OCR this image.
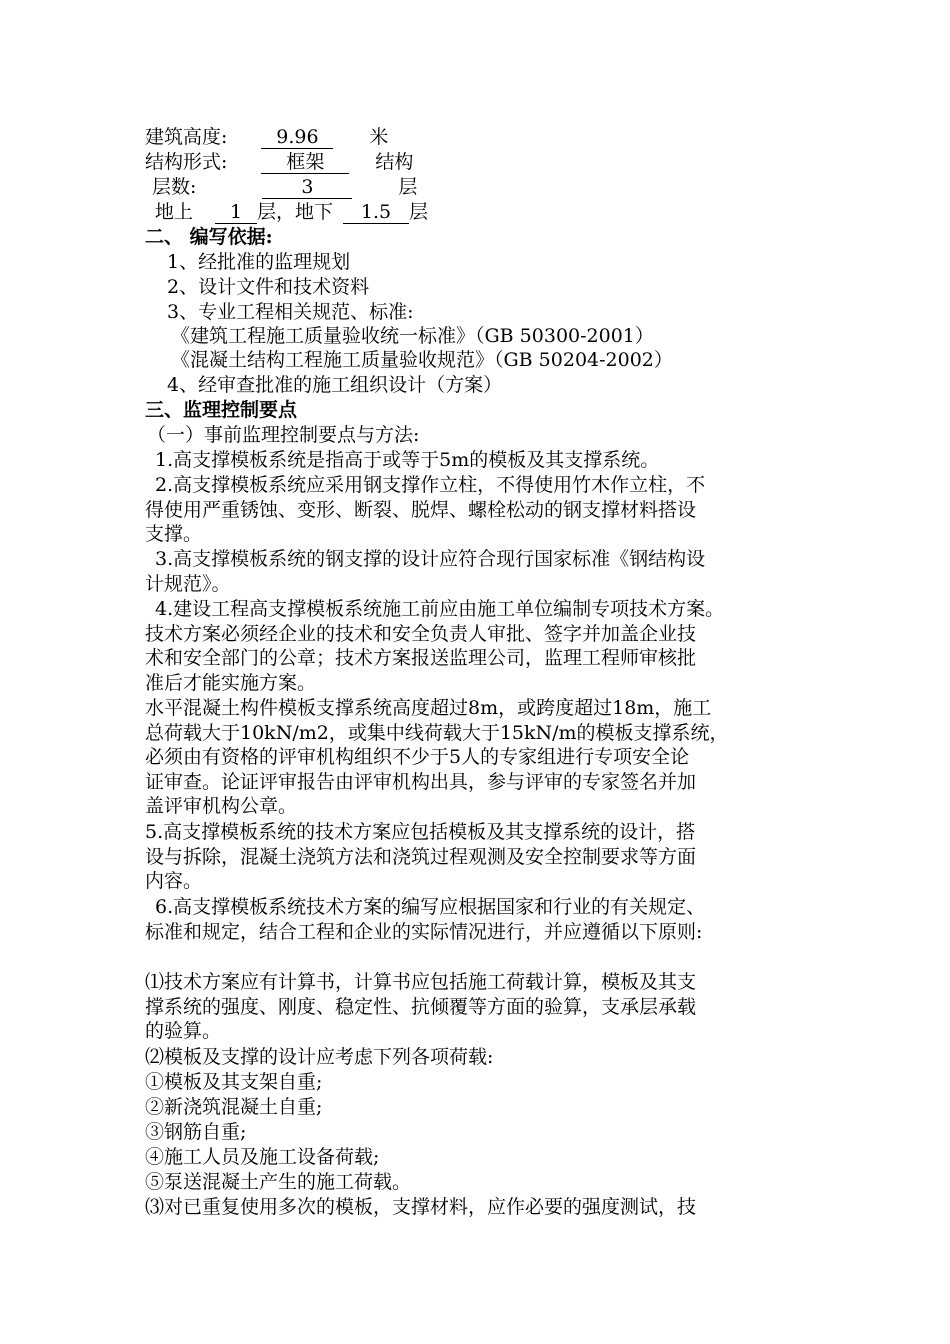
建筑高度:	9.96	米
结构形式:	框架	结构
层数:	3	层
地上 1 层，地下 1.5 层
二、 编写依据:
1、经批准的监理规划
2、设计文件和技术资料
3、专业工程相关规范、标准:
《建筑工程施工质量验收统一标准》（GB 50300-2001）
《混凝土结构工程施工质量验收规范》（GB 50204-2002）
4、经审查批准的施工组织设计（方案）
三、监理控制要点
（一）事前监理控制要点与方法:
1.高支撑模板系统是指高于或等于5m的模板及其支撑系统。
2.高支撑模板系统应采用钢支撑作立柱，不得使用竹木作立柱，不
得使用严重锈蚀、变形、断裂、脱焊、螺栓松动的钢支撑材料搭设
支撑。
3.高支撑模板系统的钢支撑的设计应符合现行国家标准《钢结构设
计规范》。
4.建设工程高支撑模板系统施工前应由施工单位编制专项技术方案。
技术方案必须经企业的技术和安全负责人审批、签字并加盖企业技
术和安全部门的公章；技术方案报送监理公司，监理工程师审核批
准后才能实施方案。
水平混凝土构件模板支撑系统高度超过8m，或跨度超过18m，施工
总荷载大于10kN/m2，或集中线荷载大于15kN/m的模板支撑系统，
必须由有资格的评审机构组织不少于5人的专家组进行专项安全论
证审查。论证评审报告由评审机构出具，参与评审的专家签名并加
盖评审机构公章。
5.高支撑模板系统的技术方案应包括模板及其支撑系统的设计，搭
设与拆除，混凝土浇筑方法和浇筑过程观测及安全控制要求等方面
内容。
6.高支撑模板系统技术方案的编写应根据国家和行业的有关规定、
标准和规定，结合工程和企业的实际情况进行，并应遵循以下原则:
⑴技术方案应有计算书，计算书应包括施工荷载计算，模板及其支
撑系统的强度、刚度、稳定性、抗倾覆等方面的验算，支承层承载
的验算。
⑵模板及支撑的设计应考虑下列各项荷载:
①模板及其支架自重;
②新浇筑混凝土自重;
③钢筋自重;
④施工人员及施工设备荷载;
⑤泵送混凝土产生的施工荷载。
⑶对已重复使用多次的模板，支撑材料，应作必要的强度测试，技
